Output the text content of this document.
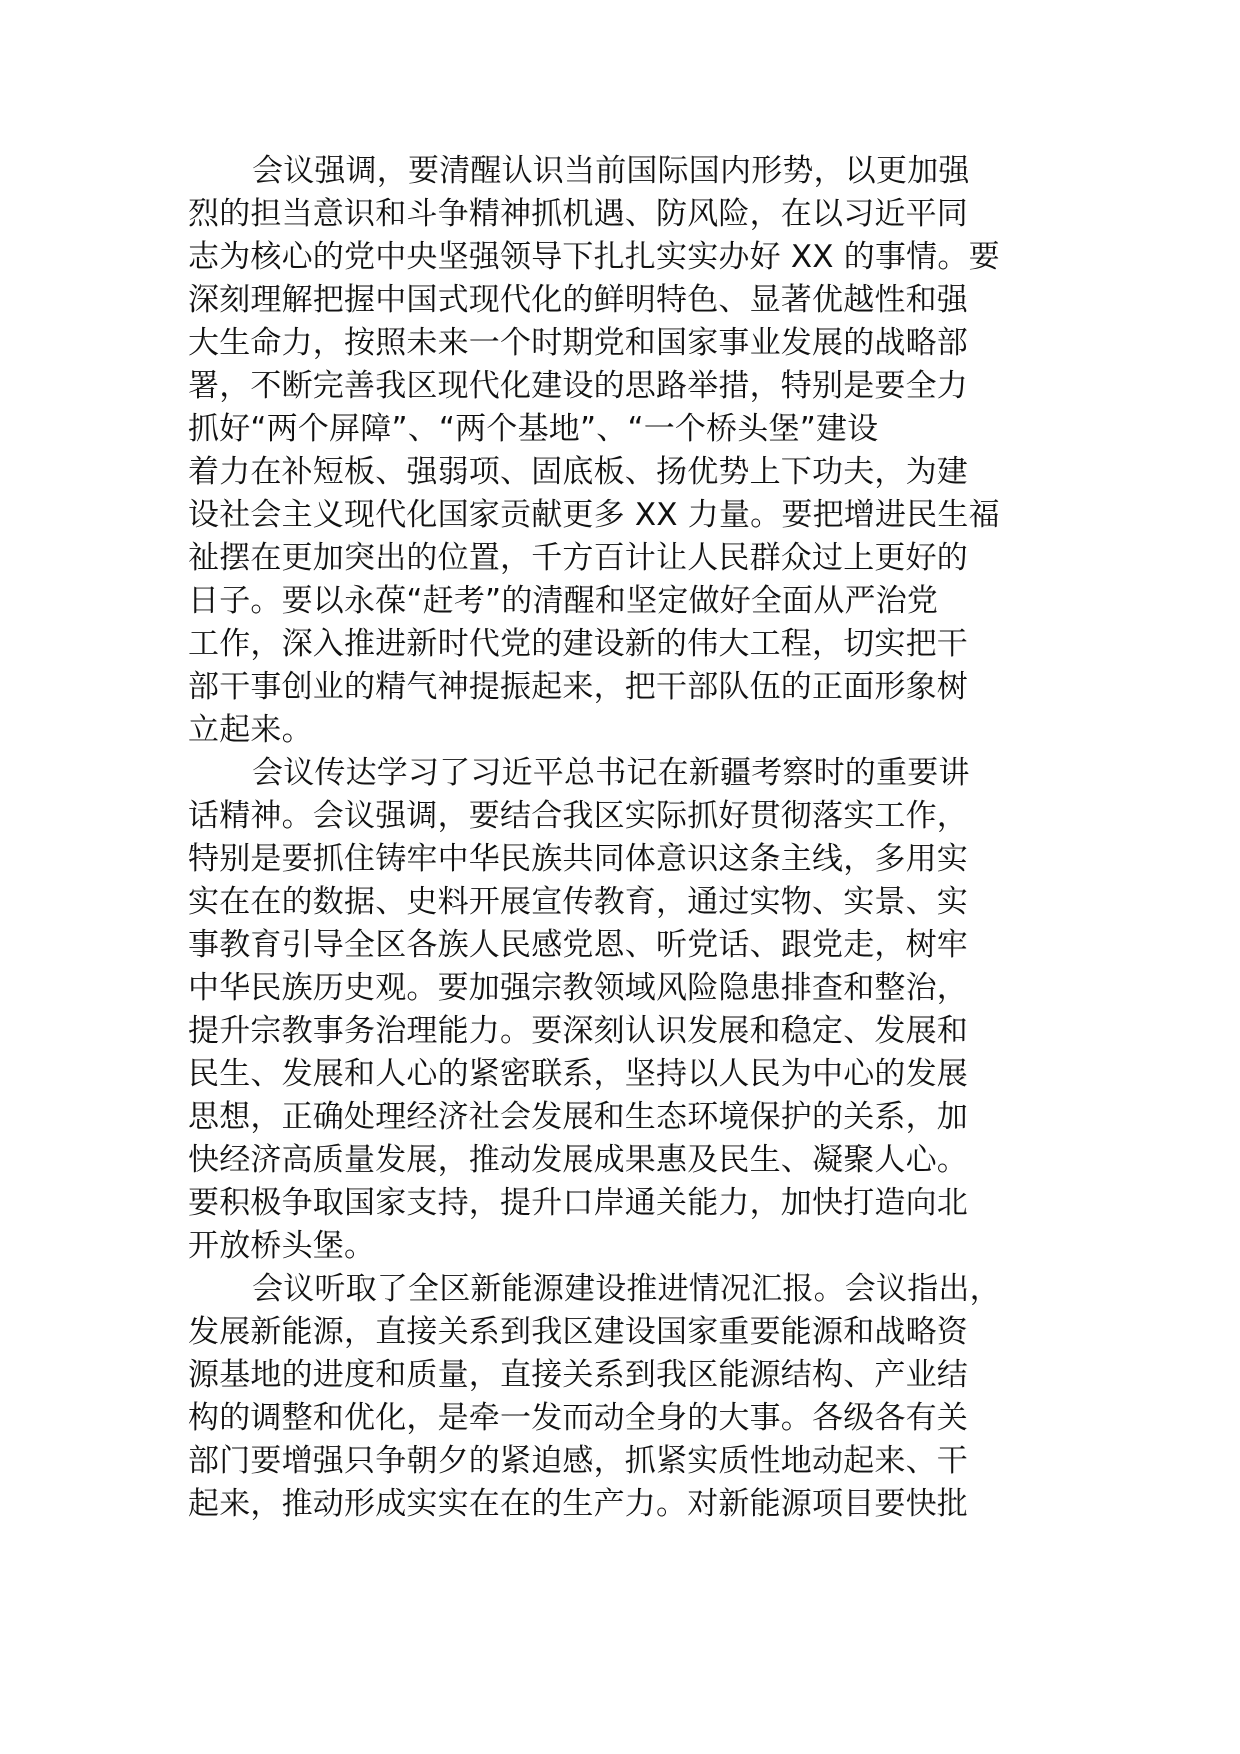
会议强调，要清醒认识当前国际国内形势，以更加强
烈的担当意识和斗争精神抓机遇、防风险，在以习近平同
志为核心的党中央坚强领导下扎扎实实办好 XX 的事情。要
深刻理解把握中国式现代化的鲜明特色、显著优越性和强
大生命力，按照未来一个时期党和国家事业发展的战略部
署，不断完善我区现代化建设的思路举措，特别是要全力
抓好“两个屏障”、“两个基地”、“一个桥头堡”建设
着力在补短板、强弱项、固底板、扬优势上下功夫，为建
设社会主义现代化国家贡献更多 XX 力量。要把增进民生福
祉摆在更加突出的位置，千方百计让人民群众过上更好的
日子。要以永葆“赶考”的清醒和坚定做好全面从严治党
工作，深入推进新时代党的建设新的伟大工程，切实把干
部干事创业的精气神提振起来，把干部队伍的正面形象树
立起来。
会议传达学习了习近平总书记在新疆考察时的重要讲
话精神。会议强调，要结合我区实际抓好贯彻落实工作，
特别是要抓住铸牢中华民族共同体意识这条主线，多用实
实在在的数据、史料开展宣传教育，通过实物、实景、实
事教育引导全区各族人民感党恩、听党话、跟党走，树牢
中华民族历史观。要加强宗教领域风险隐患排查和整治，
提升宗教事务治理能力。要深刻认识发展和稳定、发展和
民生、发展和人心的紧密联系，坚持以人民为中心的发展
思想，正确处理经济社会发展和生态环境保护的关系，加
快经济高质量发展，推动发展成果惠及民生、凝聚人心。
要积极争取国家支持，提升口岸通关能力，加快打造向北
开放桥头堡。
会议听取了全区新能源建设推进情况汇报。会议指出，
发展新能源，直接关系到我区建设国家重要能源和战略资
源基地的进度和质量，直接关系到我区能源结构、产业结
构的调整和优化，是牵一发而动全身的大事。各级各有关
部门要增强只争朝夕的紧迫感，抓紧实质性地动起来、干
起来，推动形成实实在在的生产力。对新能源项目要快批
